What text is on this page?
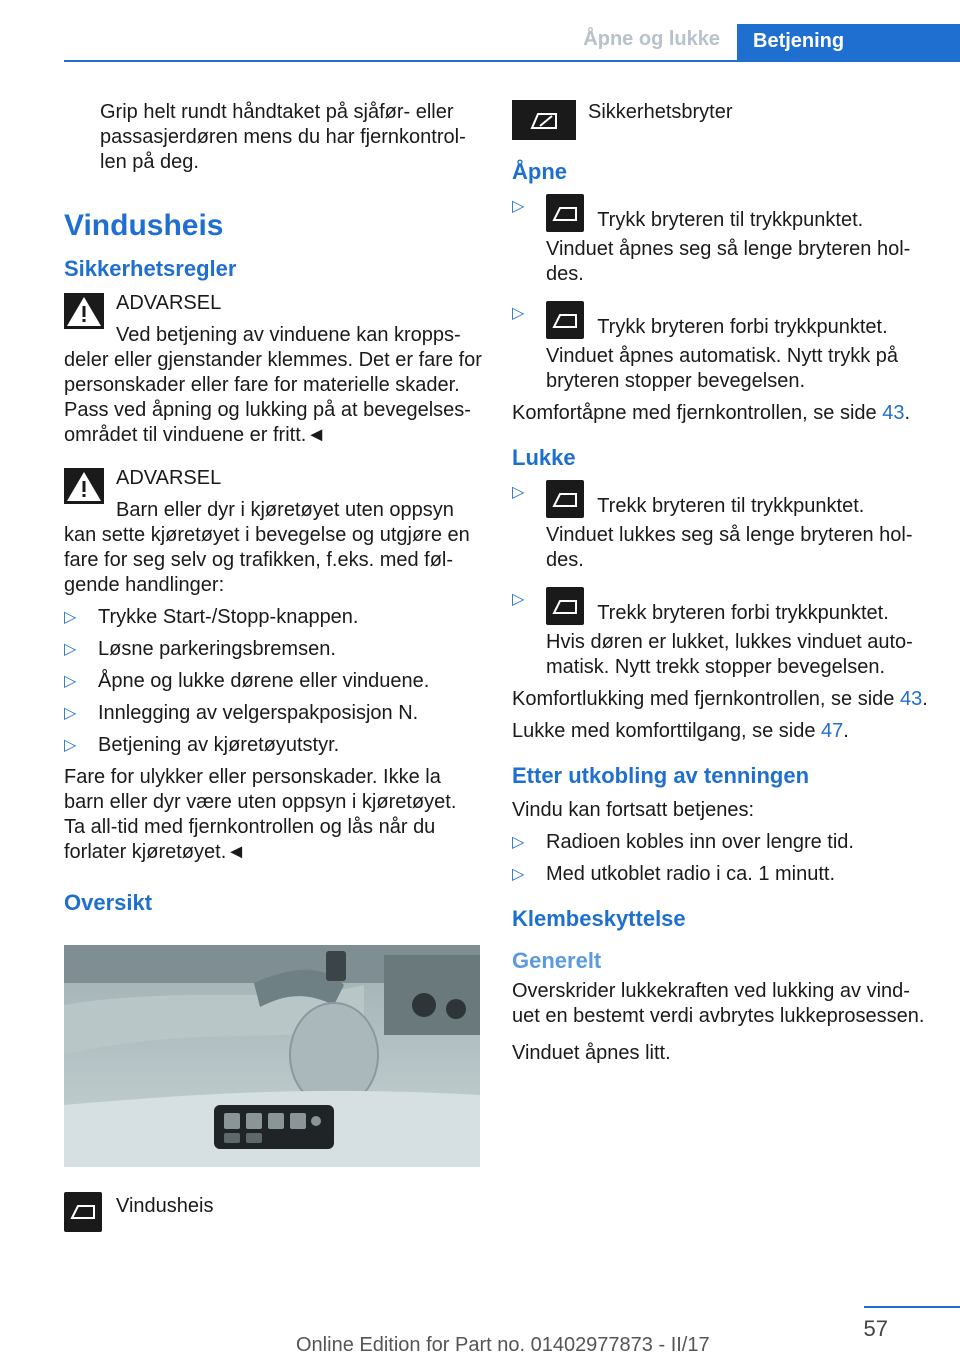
Åpne og lukke	Betjening

Grip helt rundt håndtaket på sjåfør- eller passasjerdøren mens du har fjernkontrol-len på deg.

Vindusheis
Sikkerhetsregler
ADVARSEL

Ved betjening av vinduene kan kropps-deler eller gjenstander klemmes. Det er fare for personskader eller fare for materielle skader. Pass ved åpning og lukking på at bevegelses-området til vinduene er fritt.◄

ADVARSEL

Barn eller dyr i kjøretøyet uten oppsyn kan sette kjøretøyet i bevegelse og utgjøre en fare for seg selv og trafikken, f.eks. med føl-gende handlinger:

▷ Trykke Start-/Stopp-knappen.
▷ Løsne parkeringsbremsen.
▷ Åpne og lukke dørene eller vinduene.
▷ Innlegging av velgerspakposisjon N.
▷ Betjening av kjøretøyutstyr.

Fare for ulykker eller personskader. Ikke la barn eller dyr være uten oppsyn i kjøretøyet. Ta all-tid med fjernkontrollen og lås når du forlater kjøretøyet.◄

Oversikt
Vindusheis
Sikkerhetsbryter
Åpne
▷
Trykk bryteren til trykkpunktet.

Vinduet åpnes seg så lenge bryteren hol-des.

▷
Trykk bryteren forbi trykkpunktet.

Vinduet åpnes automatisk. Nytt trykk på bryteren stopper bevegelsen.

Komfortåpne med fjernkontrollen, se side 43.

Lukke
▷
Trekk bryteren til trykkpunktet.

Vinduet lukkes seg så lenge bryteren hol-des.

▷
Trekk bryteren forbi trykkpunktet.

Hvis døren er lukket, lukkes vinduet auto-matisk. Nytt trekk stopper bevegelsen.

Komfortlukking med fjernkontrollen, se side 43.

Lukke med komforttilgang, se side 47.

Etter utkobling av tenningen

Vindu kan fortsatt betjenes:

▷ Radioen kobles inn over lengre tid.
▷ Med utkoblet radio i ca. 1 minutt.
Klembeskyttelse
Generelt

Overskrider lukkekraften ved lukking av vind-uet en bestemt verdi avbrytes lukkeprosessen.

Vinduet åpnes litt.

57
Online Edition for Part no. 01402977873 - II/17
